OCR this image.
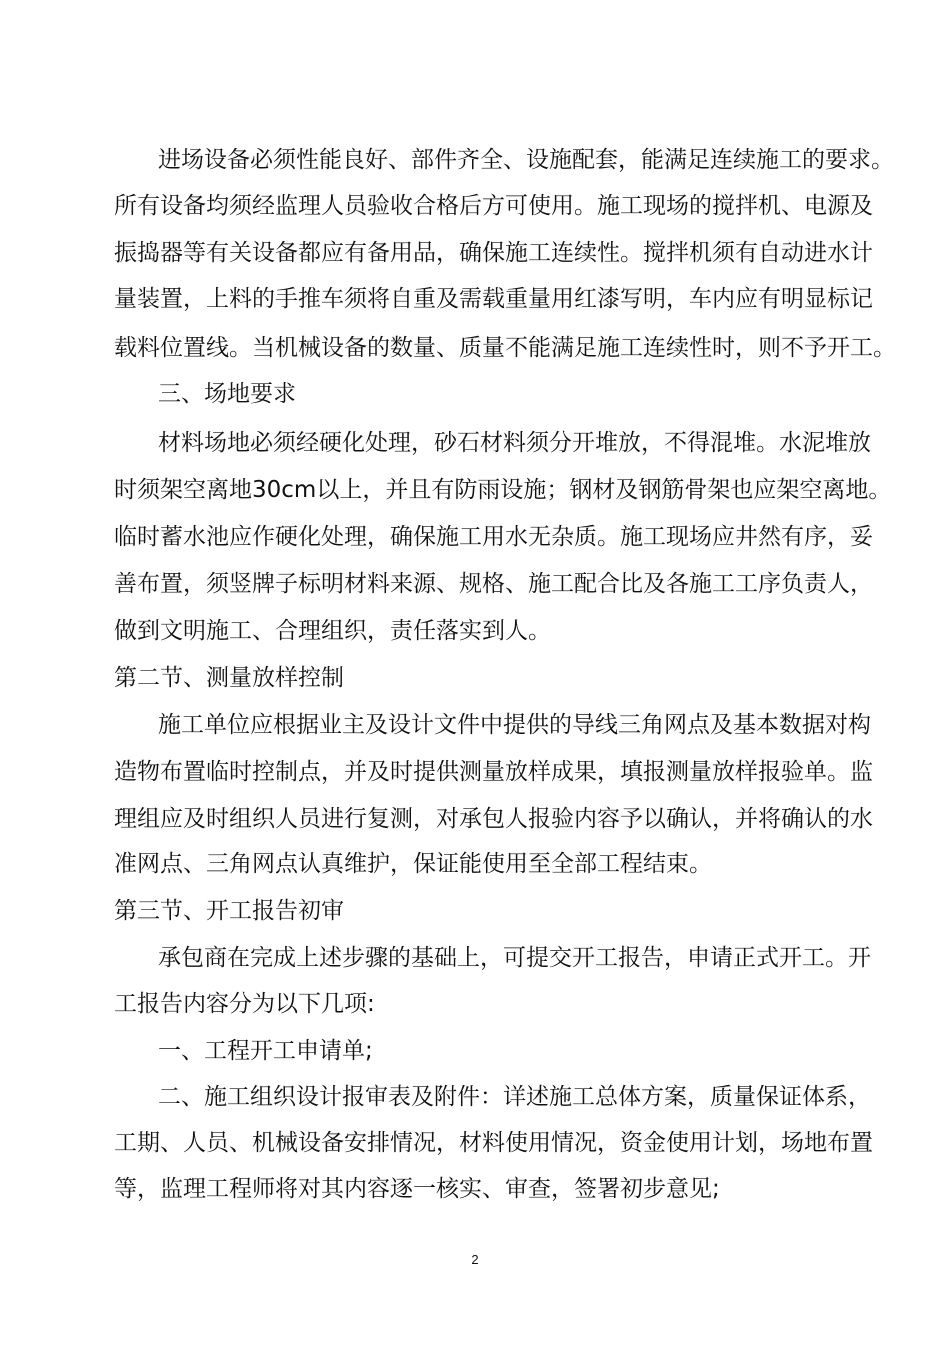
进场设备必须性能良好、部件齐全、设施配套，能满足连续施工的要求。
所有设备均须经监理人员验收合格后方可使用。施工现场的搅拌机、电源及
振捣器等有关设备都应有备用品，确保施工连续性。搅拌机须有自动进水计
量装置，上料的手推车须将自重及需载重量用红漆写明，车内应有明显标记
载料位置线。当机械设备的数量、质量不能满足施工连续性时，则不予开工。
三、场地要求
材料场地必须经硬化处理，砂石材料须分开堆放，不得混堆。水泥堆放
时须架空离地30cm以上，并且有防雨设施；钢材及钢筋骨架也应架空离地。
临时蓄水池应作硬化处理，确保施工用水无杂质。施工现场应井然有序，妥
善布置，须竖牌子标明材料来源、规格、施工配合比及各施工工序负责人，
做到文明施工、合理组织，责任落实到人。
第二节、测量放样控制
施工单位应根据业主及设计文件中提供的导线三角网点及基本数据对构
造物布置临时控制点，并及时提供测量放样成果，填报测量放样报验单。监
理组应及时组织人员进行复测，对承包人报验内容予以确认，并将确认的水
准网点、三角网点认真维护，保证能使用至全部工程结束。
第三节、开工报告初审
承包商在完成上述步骤的基础上，可提交开工报告，申请正式开工。开
工报告内容分为以下几项:
一、工程开工申请单;
二、施工组织设计报审表及附件：详述施工总体方案，质量保证体系，
工期、人员、机械设备安排情况，材料使用情况，资金使用计划，场地布置
等，监理工程师将对其内容逐一核实、审查，签署初步意见;
2
